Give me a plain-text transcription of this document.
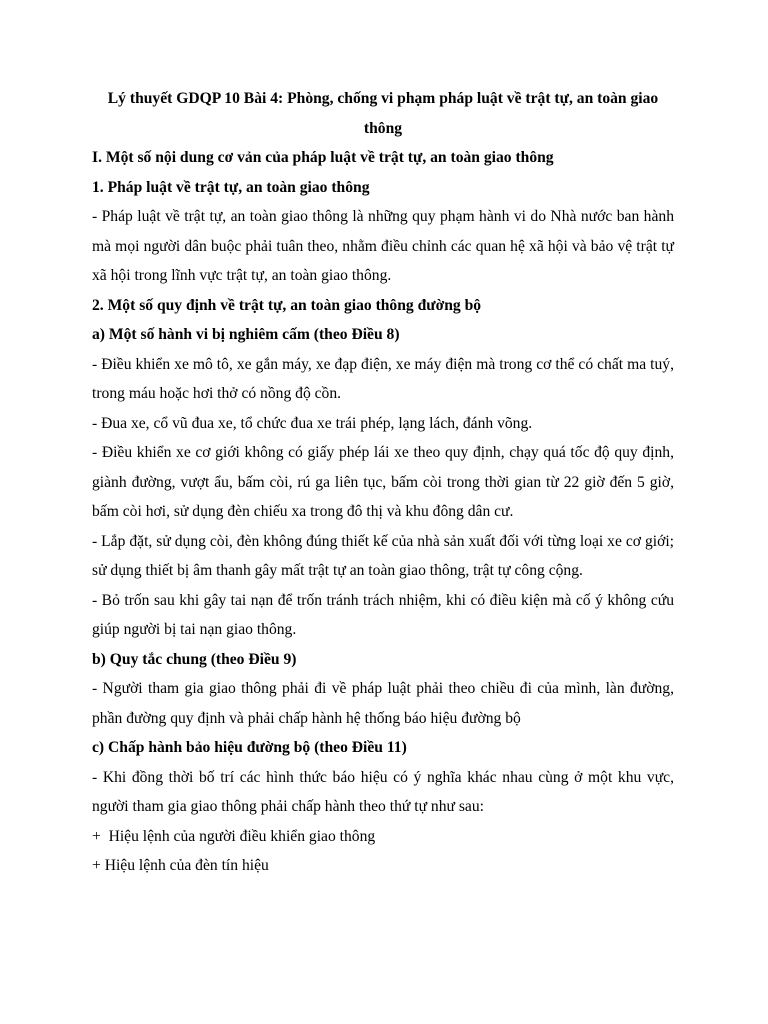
Lý thuyết GDQP 10 Bài 4: Phòng, chống vi phạm pháp luật về trật tự, an toàn giao thông

I. Một số nội dung cơ vản của pháp luật về trật tự, an toàn giao thông

1. Pháp luật về trật tự, an toàn giao thông

- Pháp luật về trật tự, an toàn giao thông là những quy phạm hành vi do Nhà nước ban hành mà mọi người dân buộc phải tuân theo, nhằm điều chỉnh các quan hệ xã hội và bảo vệ trật tự xã hội trong lĩnh vực trật tự, an toàn giao thông.

2. Một số quy định về trật tự, an toàn giao thông đường bộ

a) Một số hành vi bị nghiêm cấm (theo Điều 8)

- Điều khiển xe mô tô, xe gắn máy, xe đạp điện, xe máy điện mà trong cơ thể có chất ma tuý, trong máu hoặc hơi thở có nồng độ cồn.

- Đua xe, cổ vũ đua xe, tổ chức đua xe trái phép, lạng lách, đánh võng.

- Điều khiển xe cơ giới không có giấy phép lái xe theo quy định, chạy quá tốc độ quy định, giành đường, vượt ẩu, bấm còi, rú ga liên tục, bấm còi trong thời gian từ 22 giờ đến 5 giờ, bấm còi hơi, sử dụng đèn chiếu xa trong đô thị và khu đông dân cư.

- Lắp đặt, sử dụng còi, đèn không đúng thiết kế của nhà sản xuất đối với từng loại xe cơ giới; sử dụng thiết bị âm thanh gây mất trật tự an toàn giao thông, trật tự công cộng.

- Bỏ trốn sau khi gây tai nạn để trốn tránh trách nhiệm, khi có điều kiện mà cố ý không cứu giúp người bị tai nạn giao thông.

b) Quy tắc chung (theo Điều 9)

- Người tham gia giao thông phải đi về pháp luật phải theo chiều đi của mình, làn đường, phần đường quy định và phải chấp hành hệ thống báo hiệu đường bộ

c) Chấp hành bảo hiệu đường bộ (theo Điều 11)

- Khi đồng thời bố trí các hình thức báo hiệu có ý nghĩa khác nhau cùng ở một khu vực, người tham gia giao thông phải chấp hành theo thứ tự như sau:

+  Hiệu lệnh của người điều khiển giao thông

+ Hiệu lệnh của đèn tín hiệu
